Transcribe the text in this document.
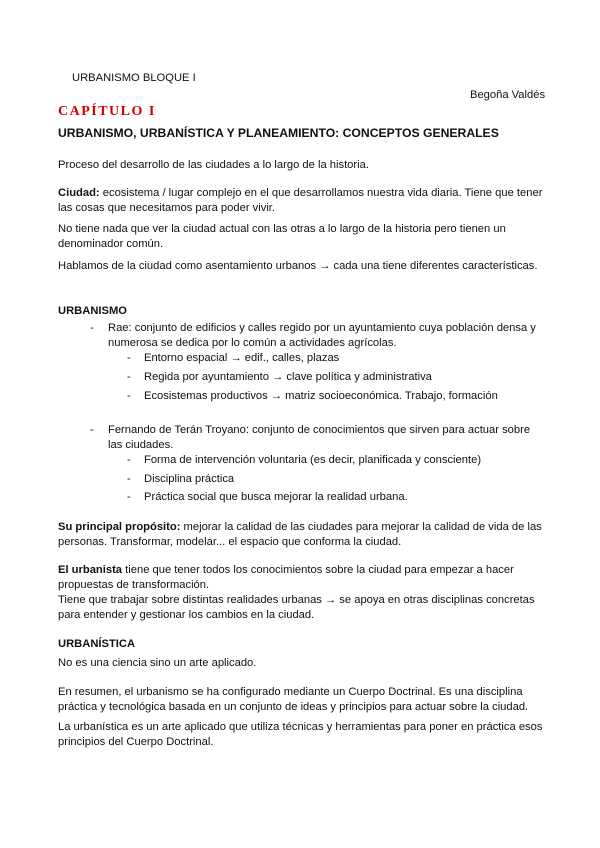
URBANISMO BLOQUE I
Begoña Valdés
CAPÍTULO I
URBANISMO, URBANÍSTICA Y PLANEAMIENTO: CONCEPTOS GENERALES

Proceso del desarrollo de las ciudades a lo largo de la historia.

Ciudad: ecosistema / lugar complejo en el que desarrollamos nuestra vida diaria. Tiene que tener las cosas que necesitamos para poder vivir.

No tiene nada que ver la ciudad actual con las otras a lo largo de la historia pero tienen un denominador común.

Hablamos de la ciudad como asentamiento urbanos → cada una tiene diferentes características.

URBANISMO
- Rae: conjunto de edificios y calles regido por un ayuntamiento cuya población densa y numerosa se dedica por lo común a actividades agrícolas.
- Entorno espacial → edif., calles, plazas
- Regida por ayuntamiento → clave política y administrativa
- Ecosistemas productivos → matriz socioeconómica. Trabajo, formación
- Fernando de Terán Troyano: conjunto de conocimientos que sirven para actuar sobre las ciudades.
- Forma de intervención voluntaria (es decir, planificada y consciente)
- Disciplina práctica
- Práctica social que busca mejorar la realidad urbana.

Su principal propósito: mejorar la calidad de las ciudades para mejorar la calidad de vida de las personas. Transformar, modelar... el espacio que conforma la ciudad.

El urbanista tiene que tener todos los conocimientos sobre la ciudad para empezar a hacer propuestas de transformación.

Tiene que trabajar sobre distintas realidades urbanas → se apoya en otras disciplinas concretas para entender y gestionar los cambios en la ciudad.

URBANÍSTICA

No es una ciencia sino un arte aplicado.

En resumen, el urbanismo se ha configurado mediante un Cuerpo Doctrinal. Es una disciplina práctica y tecnológica basada en un conjunto de ideas y principios para actuar sobre la ciudad.

La urbanística es un arte aplicado que utiliza técnicas y herramientas para poner en práctica esos principios del Cuerpo Doctrinal.
